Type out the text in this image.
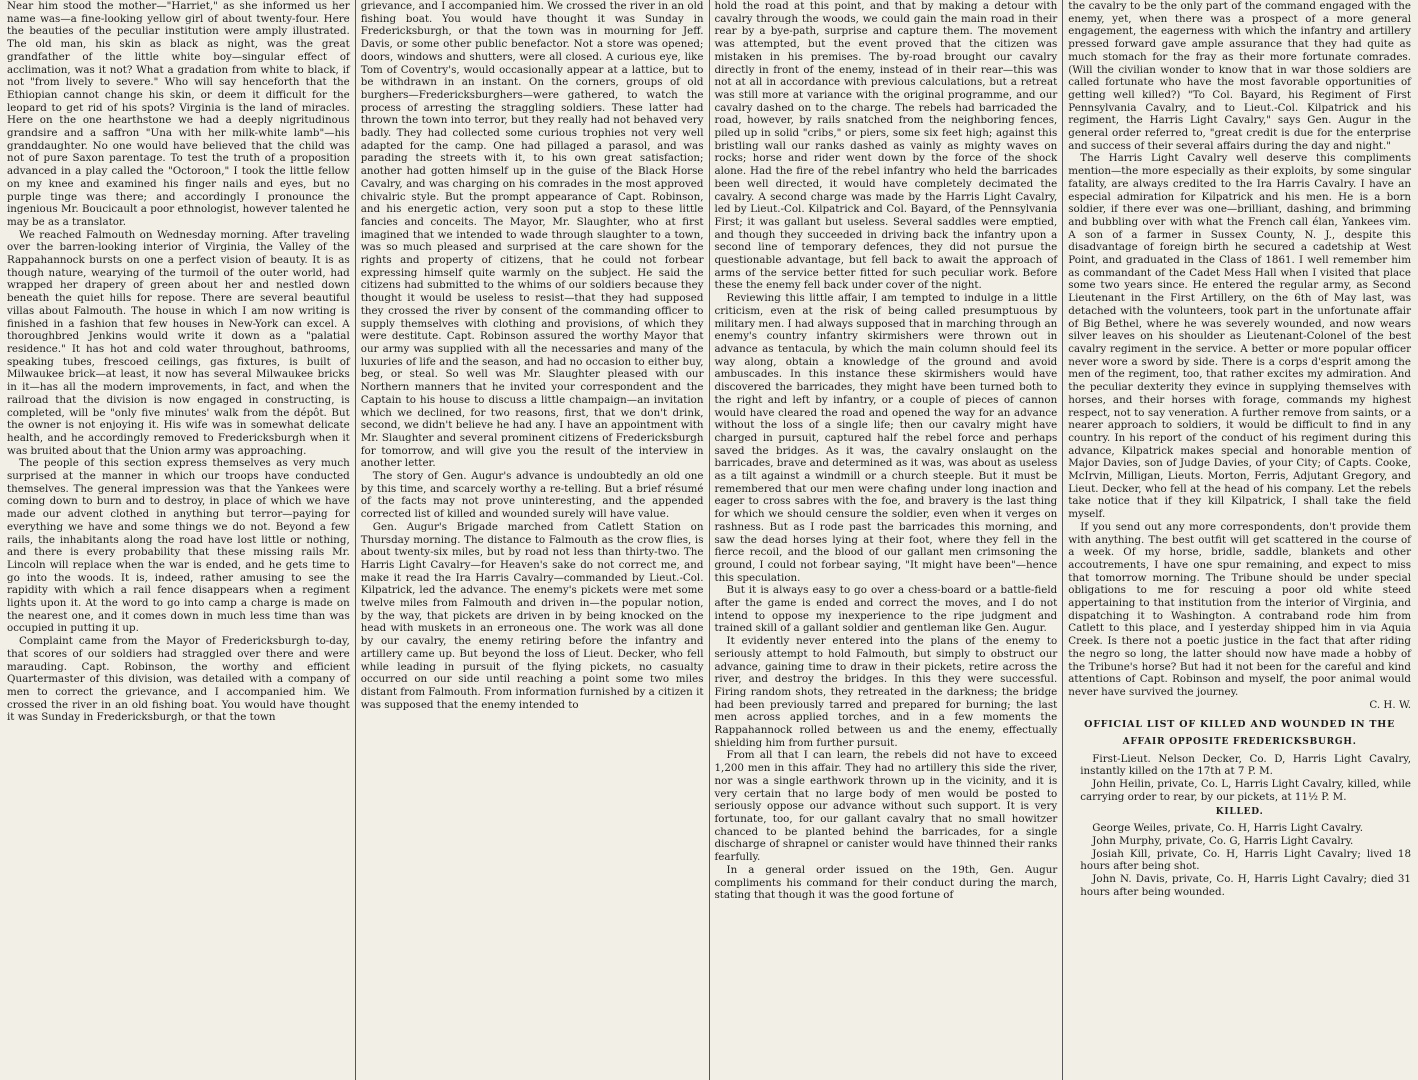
Near him stood the mother—"Harriet," as she informed us her name was—a fine-looking yellow girl of about twenty-four. Here the beauties of the peculiar institution were amply illustrated. The old man, his skin as black as night, was the great grandfather of the little white boy—singular effect of acclimation, was it not? What a gradation from white to black, if not "from lively to severe." Who will say henceforth that the Ethiopian cannot change his skin, or deem it difficult for the leopard to get rid of his spots? Virginia is the land of miracles. Here on the one hearthstone we had a deeply nigritudinous grandsire and a saffron "Una with her milk-white lamb"—his granddaughter. No one would have believed that the child was not of pure Saxon parentage. To test the truth of a proposition advanced in a play called the "Octoroon," I took the little fellow on my knee and examined his finger nails and eyes, but no purple tinge was there; and accordingly I pronounce the ingenious Mr. Boucicault a poor ethnologist, however talented he may be as a translator.

We reached Falmouth on Wednesday morning. After traveling over the barren-looking interior of Virginia, the Valley of the Rappahannock bursts on one a perfect vision of beauty. It is as though nature, wearying of the turmoil of the outer world, had wrapped her drapery of green about her and nestled down beneath the quiet hills for repose. There are several beautiful villas about Falmouth. The house in which I am now writing is finished in a fashion that few houses in New-York can excel. A thoroughbred Jenkins would write it down as a "palatial residence." It has hot and cold water throughout, bathrooms, speaking tubes, frescoed ceilings, gas fixtures, is built of Milwaukee brick—at least, it now has several Milwaukee bricks in it—has all the modern improvements, in fact, and when the railroad that the division is now engaged in constructing, is completed, will be "only five minutes' walk from the dépôt. But the owner is not enjoying it. His wife was in somewhat delicate health, and he accordingly removed to Fredericksburgh when it was bruited about that the Union army was approaching.

The people of this section express themselves as very much surprised at the manner in which our troops have conducted themselves. The general impression was that the Yankees were coming down to burn and to destroy, in place of which we have made our advent clothed in anything but terror—paying for everything we have and some things we do not. Beyond a few rails, the inhabitants along the road have lost little or nothing, and there is every probability that these missing rails Mr. Lincoln will replace when the war is ended, and he gets time to go into the woods. It is, indeed, rather amusing to see the rapidity with which a rail fence disappears when a regiment lights upon it. At the word to go into camp a charge is made on the nearest one, and it comes down in much less time than was occupied in putting it up.

Complaint came from the Mayor of Fredericksburgh to-day, that scores of our soldiers had straggled over there and were marauding. Capt. Robinson, the worthy and efficient Quartermaster of this division, was detailed with a company of men to correct the grievance, and I accompanied him. We crossed the river in an old fishing boat. You would have thought it was Sunday in Fredericksburgh, or that the town

grievance, and I accompanied him. We crossed the river in an old fishing boat. You would have thought it was Sunday in Fredericksburgh, or that the town was in mourning for Jeff. Davis, or some other public benefactor. Not a store was opened; doors, windows and shutters, were all closed. A curious eye, like Tom of Coventry's, would occasionally appear at a lattice, but to be withdrawn in an instant. On the corners, groups of old burghers—Fredericksburghers—were gathered, to watch the process of arresting the straggling soldiers. These latter had thrown the town into terror, but they really had not behaved very badly. They had collected some curious trophies not very well adapted for the camp. One had pillaged a parasol, and was parading the streets with it, to his own great satisfaction; another had gotten himself up in the guise of the Black Horse Cavalry, and was charging on his comrades in the most approved chivalric style. But the prompt appearance of Capt. Robinson, and his energetic action, very soon put a stop to these little fancies and conceits. The Mayor, Mr. Slaughter, who at first imagined that we intended to wade through slaughter to a town, was so much pleased and surprised at the care shown for the rights and property of citizens, that he could not forbear expressing himself quite warmly on the subject. He said the citizens had submitted to the whims of our soldiers because they thought it would be useless to resist—that they had supposed they crossed the river by consent of the commanding officer to supply themselves with clothing and provisions, of which they were destitute. Capt. Robinson assured the worthy Mayor that our army was supplied with all the necessaries and many of the luxuries of life and the season, and had no occasion to either buy, beg, or steal. So well was Mr. Slaughter pleased with our Northern manners that he invited your correspondent and the Captain to his house to discuss a little champaign—an invitation which we declined, for two reasons, first, that we don't drink, second, we didn't believe he had any. I have an appointment with Mr. Slaughter and several prominent citizens of Fredericksburgh for tomorrow, and will give you the result of the interview in another letter.

The story of Gen. Augur's advance is undoubtedly an old one by this time, and scarcely worthy a re-telling. But a brief résumé of the facts may not prove uninteresting, and the appended corrected list of killed and wounded surely will have value.

Gen. Augur's Brigade marched from Catlett Station on Thursday morning. The distance to Falmouth as the crow flies, is about twenty-six miles, but by road not less than thirty-two. The Harris Light Cavalry—for Heaven's sake do not correct me, and make it read the Ira Harris Cavalry—commanded by Lieut.-Col. Kilpatrick, led the advance. The enemy's pickets were met some twelve miles from Falmouth and driven in—the popular notion, by the way, that pickets are driven in by being knocked on the head with muskets in an erroneous one. The work was all done by our cavalry, the enemy retiring before the infantry and artillery came up. But beyond the loss of Lieut. Decker, who fell while leading in pursuit of the flying pickets, no casualty occurred on our side until reaching a point some two miles distant from Falmouth. From information furnished by a citizen it was supposed that the enemy intended to

hold the road at this point, and that by making a detour with cavalry through the woods, we could gain the main road in their rear by a bye-path, surprise and capture them. The movement was attempted, but the event proved that the citizen was mistaken in his premises. The by-road brought our cavalry directly in front of the enemy, instead of in their rear—this was not at all in accordance with previous calculations, but a retreat was still more at variance with the original programme, and our cavalry dashed on to the charge. The rebels had barricaded the road, however, by rails snatched from the neighboring fences, piled up in solid "cribs," or piers, some six feet high; against this bristling wall our ranks dashed as vainly as mighty waves on rocks; horse and rider went down by the force of the shock alone. Had the fire of the rebel infantry who held the barricades been well directed, it would have completely decimated the cavalry. A second charge was made by the Harris Light Cavalry, led by Lieut.-Col. Kilpatrick and Col. Bayard, of the Pennsylvania First; it was gallant but useless. Several saddles were emptied, and though they succeeded in driving back the infantry upon a second line of temporary defences, they did not pursue the questionable advantage, but fell back to await the approach of arms of the service better fitted for such peculiar work. Before these the enemy fell back under cover of the night.

Reviewing this little affair, I am tempted to indulge in a little criticism, even at the risk of being called presumptuous by military men. I had always supposed that in marching through an enemy's country infantry skirmishers were thrown out in advance as tentacula, by which the main column should feel its way along, obtain a knowledge of the ground and avoid ambuscades. In this instance these skirmishers would have discovered the barricades, they might have been turned both to the right and left by infantry, or a couple of pieces of cannon would have cleared the road and opened the way for an advance without the loss of a single life; then our cavalry might have charged in pursuit, captured half the rebel force and perhaps saved the bridges. As it was, the cavalry onslaught on the barricades, brave and determined as it was, was about as useless as a tilt against a windmill or a church steeple. But it must be remembered that our men were chafing under long inaction and eager to cross sabres with the foe, and bravery is the last thing for which we should censure the soldier, even when it verges on rashness. But as I rode past the barricades this morning, and saw the dead horses lying at their foot, where they fell in the fierce recoil, and the blood of our gallant men crimsoning the ground, I could not forbear saying, "It might have been"—hence this speculation.

But it is always easy to go over a chess-board or a battle-field after the game is ended and correct the moves, and I do not intend to oppose my inexperience to the ripe judgment and trained skill of a gallant soldier and gentleman like Gen. Augur.

It evidently never entered into the plans of the enemy to seriously attempt to hold Falmouth, but simply to obstruct our advance, gaining time to draw in their pickets, retire across the river, and destroy the bridges. In this they were successful. Firing random shots, they retreated in the darkness; the bridge had been previously tarred and prepared for burning; the last men across applied torches, and in a few moments the Rappahannock rolled between us and the enemy, effectually shielding him from further pursuit.

From all that I can learn, the rebels did not have to exceed 1,200 men in this affair. They had no artillery this side the river, nor was a single earthwork thrown up in the vicinity, and it is very certain that no large body of men would be posted to seriously oppose our advance without such support. It is very fortunate, too, for our gallant cavalry that no small howitzer chanced to be planted behind the barricades, for a single discharge of shrapnel or canister would have thinned their ranks fearfully.

In a general order issued on the 19th, Gen. Augur compliments his command for their conduct during the march, stating that though it was the good fortune of

the cavalry to be the only part of the command engaged with the enemy, yet, when there was a prospect of a more general engagement, the eagerness with which the infantry and artillery pressed forward gave ample assurance that they had quite as much stomach for the fray as their more fortunate comrades. (Will the civilian wonder to know that in war those soldiers are called fortunate who have the most favorable opportunities of getting well killed?) "To Col. Bayard, his Regiment of First Pennsylvania Cavalry, and to Lieut.-Col. Kilpatrick and his regiment, the Harris Light Cavalry," says Gen. Augur in the general order referred to, "great credit is due for the enterprise and success of their several affairs during the day and night."

The Harris Light Cavalry well deserve this compliments mention—the more especially as their exploits, by some singular fatality, are always credited to the Ira Harris Cavalry. I have an especial admiration for Kilpatrick and his men. He is a born soldier, if there ever was one—brilliant, dashing, and brimming and bubbling over with what the French call élan, Yankees vim. A son of a farmer in Sussex County, N. J., despite this disadvantage of foreign birth he secured a cadetship at West Point, and graduated in the Class of 1861. I well remember him as commandant of the Cadet Mess Hall when I visited that place some two years since. He entered the regular army, as Second Lieutenant in the First Artillery, on the 6th of May last, was detached with the volunteers, took part in the unfortunate affair of Big Bethel, where he was severely wounded, and now wears silver leaves on his shoulder as Lieutenant-Colonel of the best cavalry regiment in the service. A better or more popular officer never wore a sword by side. There is a corps d'esprit among the men of the regiment, too, that rather excites my admiration. And the peculiar dexterity they evince in supplying themselves with horses, and their horses with forage, commands my highest respect, not to say veneration. A further remove from saints, or a nearer approach to soldiers, it would be difficult to find in any country. In his report of the conduct of his regiment during this advance, Kilpatrick makes special and honorable mention of Major Davies, son of Judge Davies, of your City; of Capts. Cooke, McIrvin, Milligan, Lieuts. Morton, Ferris, Adjutant Gregory, and Lieut. Decker, who fell at the head of his company. Let the rebels take notice that if they kill Kilpatrick, I shall take the field myself.

If you send out any more correspondents, don't provide them with anything. The best outfit will get scattered in the course of a week. Of my horse, bridle, saddle, blankets and other accoutrements, I have one spur remaining, and expect to miss that tomorrow morning. The Tribune should be under special obligations to me for rescuing a poor old white steed appertaining to that institution from the interior of Virginia, and dispatching it to Washington. A contraband rode him from Catlett to this place, and I yesterday shipped him in via Aquia Creek. Is there not a poetic justice in the fact that after riding the negro so long, the latter should now have made a hobby of the Tribune's horse? But had it not been for the careful and kind attentions of Capt. Robinson and myself, the poor animal would never have survived the journey.

C. H. W.

OFFICIAL LIST OF KILLED AND WOUNDED IN THE
AFFAIR OPPOSITE FREDERICKSBURGH.

First-Lieut. Nelson Decker, Co. D, Harris Light Cavalry, instantly killed on the 17th at 7 P. M.

John Heilin, private, Co. L, Harris Light Cavalry, killed, while carrying order to rear, by our pickets, at 11½ P. M.

KILLED.

George Weiles, private, Co. H, Harris Light Cavalry.

John Murphy, private, Co. G, Harris Light Cavalry.

Josiah Kill, private, Co. H, Harris Light Cavalry; lived 18 hours after being shot.

John N. Davis, private, Co. H, Harris Light Cavalry; died 31 hours after being wounded.
